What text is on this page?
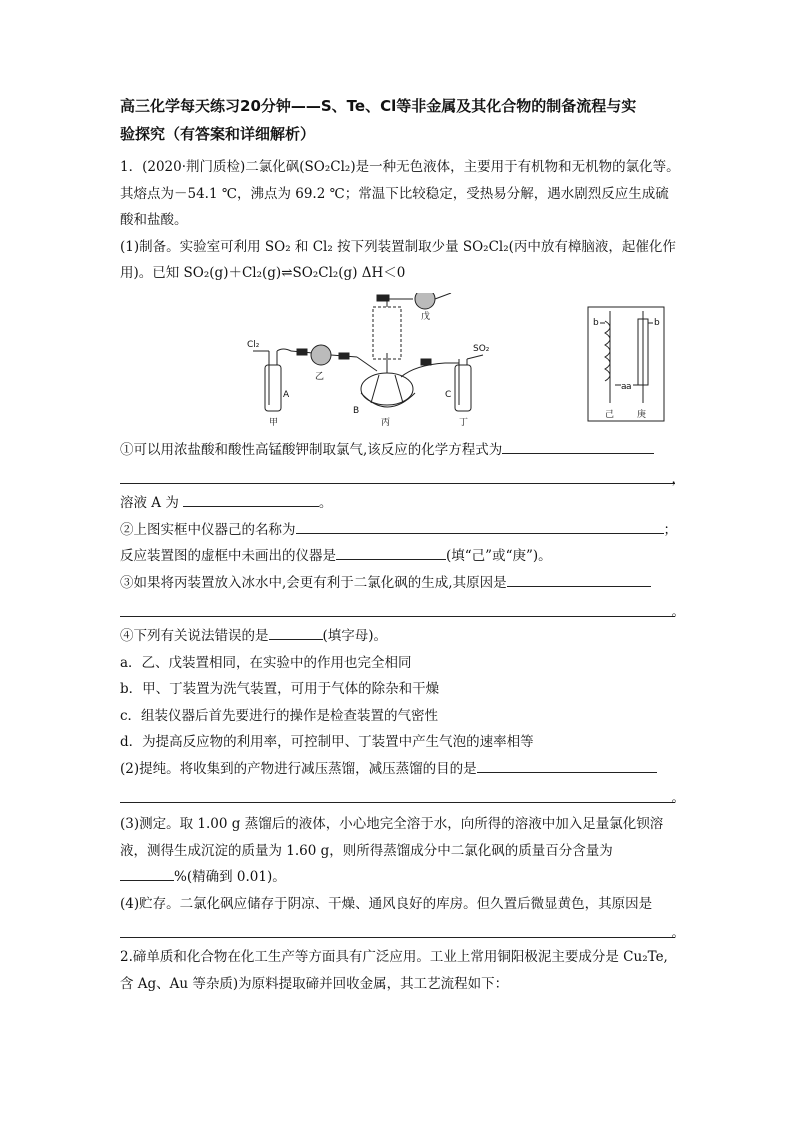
高三化学每天练习20分钟——S、Te、Cl等非金属及其化合物的制备流程与实
验探究（有答案和详细解析）
1．(2020·荆门质检)二氯化砜(SO₂Cl₂)是一种无色液体，主要用于有机物和无机物的氯化等。
其熔点为－54.1 ℃，沸点为 69.2 ℃；常温下比较稳定，受热易分解，遇水剧烈反应生成硫
酸和盐酸。
(1)制备。实验室可利用 SO₂ 和 Cl₂ 按下列装置制取少量 SO₂Cl₂(丙中放有樟脑液，起催化作
用)。已知 SO₂(g)＋Cl₂(g)⇌SO₂Cl₂(g) ΔH＜0
Cl₂	SO₂
甲
乙
丙	丁
戊
己	庚
A
B
C
a
b
a
b
①可以用浓盐酸和酸性高锰酸钾制取氯气,该反应的化学方程式为
，
溶液 A 为	。
②上图实框中仪器己的名称为	；
反应装置图的虚框中未画出的仪器是	(填“己”或“庚”)。
③如果将丙装置放入冰水中,会更有利于二氯化砜的生成,其原因是
。
④下列有关说法错误的是	(填字母)。
a．乙、戊装置相同，在实验中的作用也完全相同
b．甲、丁装置为洗气装置，可用于气体的除杂和干燥
c．组装仪器后首先要进行的操作是检查装置的气密性
d．为提高反应物的利用率，可控制甲、丁装置中产生气泡的速率相等
(2)提纯。将收集到的产物进行减压蒸馏，减压蒸馏的目的是
。
(3)测定。取 1.00 g 蒸馏后的液体，小心地完全溶于水，向所得的溶液中加入足量氯化钡溶
液，测得生成沉淀的质量为 1.60 g，则所得蒸馏成分中二氯化砜的质量百分含量为
%(精确到 0.01)。
(4)贮存。二氯化砜应储存于阴凉、干燥、通风良好的库房。但久置后微显黄色，其原因是
。
2.碲单质和化合物在化工生产等方面具有广泛应用。工业上常用铜阳极泥主要成分是 Cu₂Te,
含 Ag、Au 等杂质)为原料提取碲并回收金属，其工艺流程如下：
